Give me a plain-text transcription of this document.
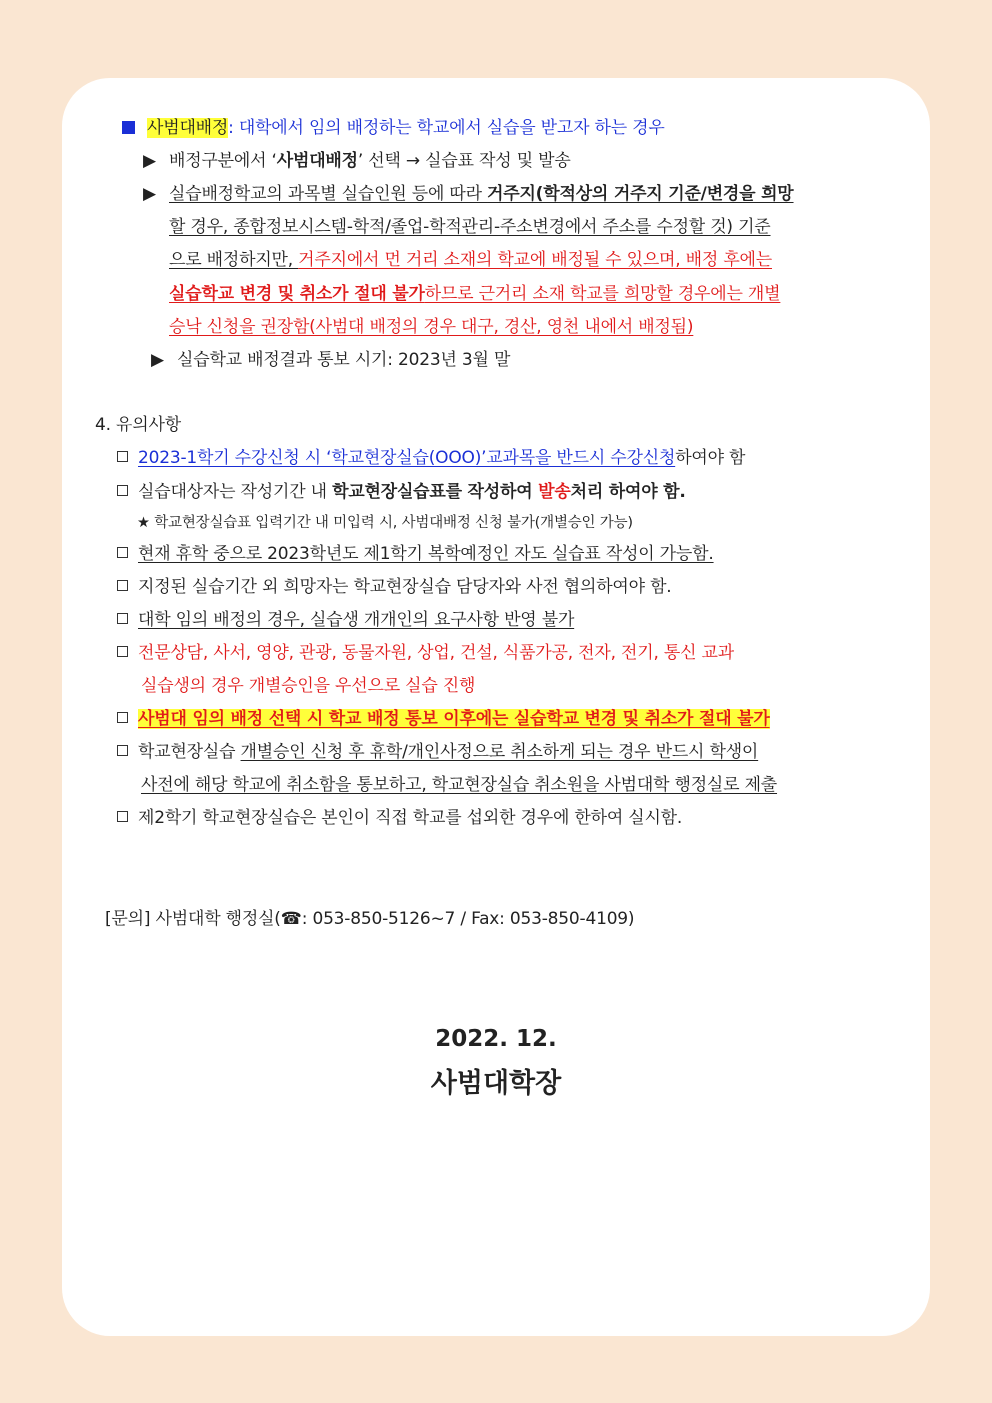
사범대배정: 대학에서 임의 배정하는 학교에서 실습을 받고자 하는 경우
▶ 배정구분에서 ‘사범대배정’ 선택 → 실습표 작성 및 발송
▶ 실습배정학교의 과목별 실습인원 등에 따라 거주지(학적상의 거주지 기준/변경을 희망
할 경우, 종합정보시스템-학적/졸업-학적관리-주소변경에서 주소를 수정할 것) 기준
으로 배정하지만, 거주지에서 먼 거리 소재의 학교에 배정될 수 있으며, 배정 후에는
실습학교 변경 및 취소가 절대 불가하므로 근거리 소재 학교를 희망할 경우에는 개별
승낙 신청을 권장함(사범대 배정의 경우 대구, 경산, 영천 내에서 배정됨)
▶ 실습학교 배정결과 통보 시기: 2023년 3월 말
4. 유의사항
2023-1학기 수강신청 시 ‘학교현장실습(OOO)’교과목을 반드시 수강신청하여야 함
실습대상자는 작성기간 내 학교현장실습표를 작성하여 발송처리 하여야 함.
★ 학교현장실습표 입력기간 내 미입력 시, 사범대배정 신청 불가(개별승인 가능)
현재 휴학 중으로 2023학년도 제1학기 복학예정인 자도 실습표 작성이 가능함.
지정된 실습기간 외 희망자는 학교현장실습 담당자와 사전 협의하여야 함.
대학 임의 배정의 경우, 실습생 개개인의 요구사항 반영 불가
전문상담, 사서, 영양, 관광, 동물자원, 상업, 건설, 식품가공, 전자, 전기, 통신 교과
실습생의 경우 개별승인을 우선으로 실습 진행
사범대 임의 배정 선택 시 학교 배정 통보 이후에는 실습학교 변경 및 취소가 절대 불가
학교현장실습 개별승인 신청 후 휴학/개인사정으로 취소하게 되는 경우 반드시 학생이
사전에 해당 학교에 취소함을 통보하고, 학교현장실습 취소원을 사범대학 행정실로 제출
제2학기 학교현장실습은 본인이 직접 학교를 섭외한 경우에 한하여 실시함.
[문의] 사범대학 행정실(☎: 053-850-5126~7 / Fax: 053-850-4109)
2022. 12.
사범대학장
